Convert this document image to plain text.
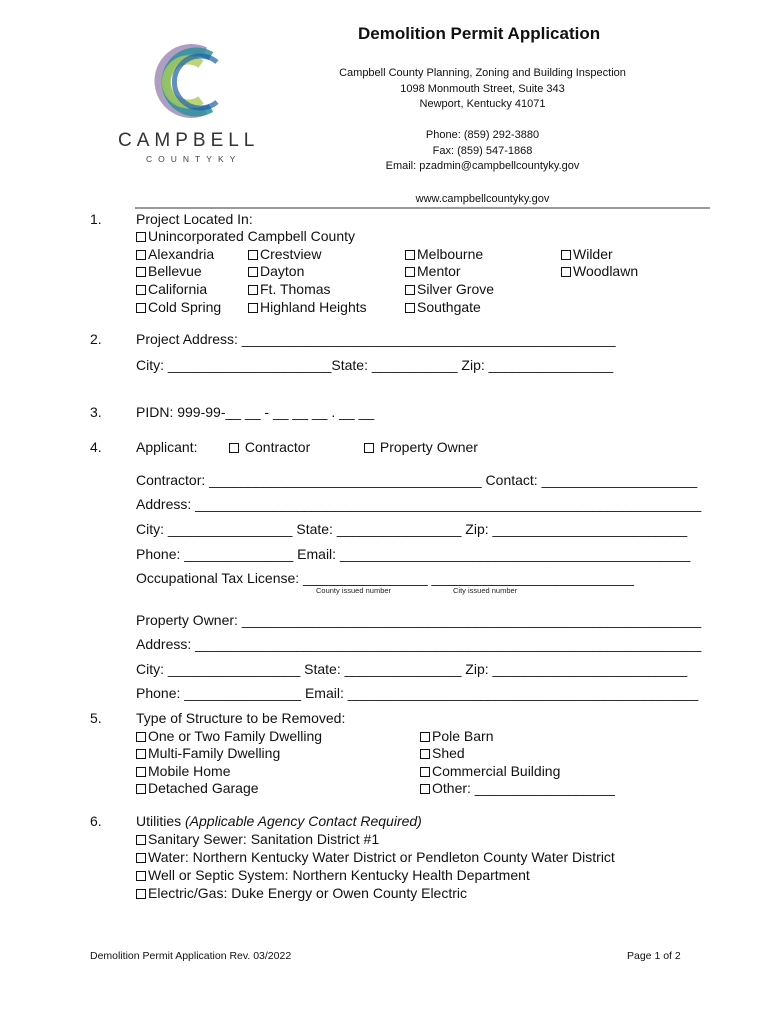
CAMPBELL
COUNTY KY
Demolition Permit Application
Campbell County Planning, Zoning and Building Inspection
1098 Monmouth Street, Suite 343
Newport, Kentucky 41071
Phone: (859) 292-3880
Fax: (859) 547-1868
Email: pzadmin@campbellcountyky.gov
www.campbellcountyky.gov
1. Project Located In:
Unincorporated Campbell County
Alexandria	Crestview	Melbourne	Wilder
Bellevue	Dayton	Mentor	Woodlawn
California	Ft. Thomas	Silver Grove
Cold Spring	Highland Heights	Southgate
2. Project Address: ________________________________________________
City: _____________________State: ___________ Zip: ________________
3. PIDN: 999-99-__ __ - __ __ __ . __ __
4. Applicant:	Contractor	Property Owner
Contractor: ___________________________________ Contact: ____________________
Address: _________________________________________________________________
City: ________________ State: ________________ Zip: _________________________
Phone: ______________ Email: _____________________________________________
Occupational Tax License: ________________ __________________________
County issued number	City issued number
Property Owner: ___________________________________________________________
Address: _________________________________________________________________
City: _________________ State: _______________ Zip: _________________________
Phone: _______________ Email: _____________________________________________
5. Type of Structure to be Removed:
One or Two Family Dwelling	Pole Barn
Multi-Family Dwelling	Shed
Mobile Home	Commercial Building
Detached Garage	Other: __________________
6. Utilities (Applicable Agency Contact Required)
Sanitary Sewer: Sanitation District #1
Water: Northern Kentucky Water District or Pendleton County Water District
Well or Septic System: Northern Kentucky Health Department
Electric/Gas: Duke Energy or Owen County Electric
Demolition Permit Application Rev. 03/2022	Page 1 of 2
